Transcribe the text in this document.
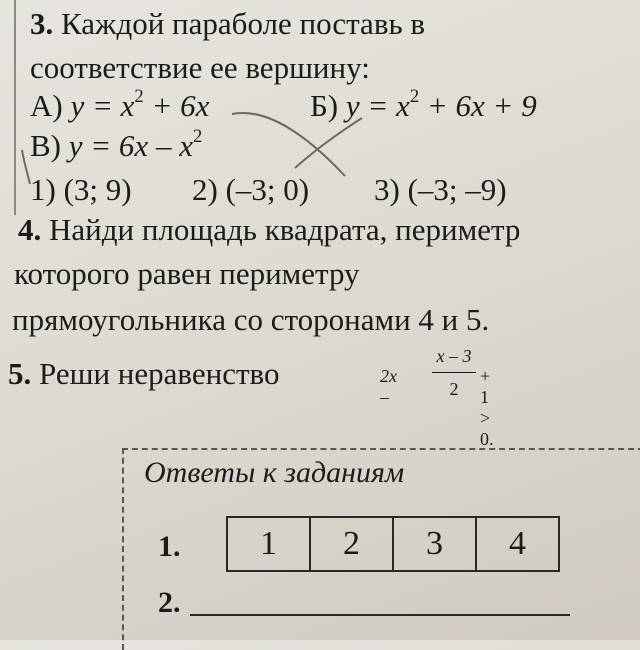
3. Каждой параболе поставь в
соответствие ее вершину:
А) $y = x^2 + 6x$	Б) $y = x^2 + 6x + 9$
В) $y = 6x - x^2$
1) (3; 9) 2) (–3; 0) 3) (–3; –9)
4. Найди площадь квадрата, периметр
которого равен периметру
прямоугольника со сторонами 4 и 5.
5. Реши неравенство	2x –
x – 3
2
+ 1 > 0.
Ответы к заданиям
1.	1	2	3	4
2.
